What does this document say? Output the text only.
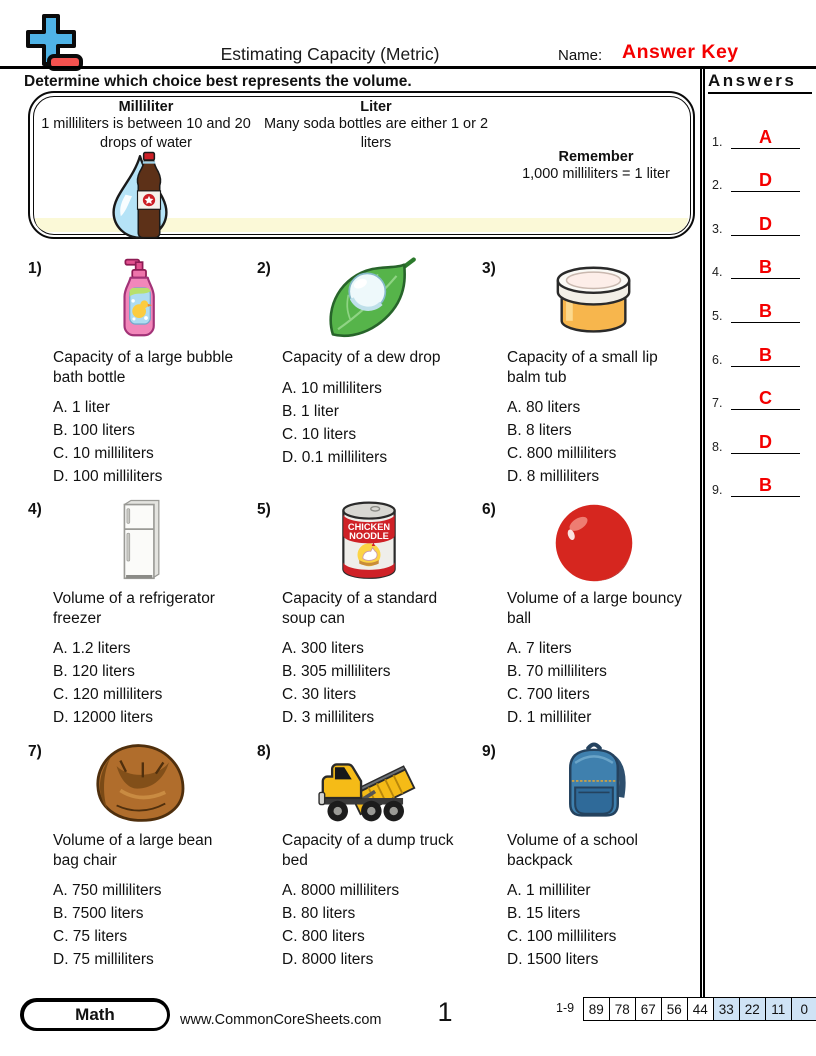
Estimating Capacity (Metric)	Name: Answer Key
Determine which choice best represents the volume.
Milliliter
1 milliliters is between 10 and 20 drops of water
Liter
Many soda bottles are either 1 or 2 liters
Remember
1,000 milliliters = 1 liter
1)
Capacity of a large bubble bath bottle
A. 1 liter
B. 100 liters
C. 10 milliliters
D. 100 milliliters
2)
Capacity of a dew drop
A. 10 milliliters
B. 1 liter
C. 10 liters
D. 0.1 milliliters
3)
Capacity of a small lip balm tub
A. 80 liters
B. 8 liters
C. 800 milliliters
D. 8 milliliters
4)
Volume of a refrigerator freezer
A. 1.2 liters
B. 120 liters
C. 120 milliliters
D. 12000 liters
5)
CHICKEN
NOODLE
Capacity of a standard soup can
A. 300 liters
B. 305 milliliters
C. 30 liters
D. 3 milliliters
6)
Volume of a large bouncy ball
A. 7 liters
B. 70 milliliters
C. 700 liters
D. 1 milliliter
7)
Volume of a large bean bag chair
A. 750 milliliters
B. 7500 liters
C. 75 liters
D. 75 milliliters
8)
Capacity of a dump truck bed
A. 8000 milliliters
B. 80 liters
C. 800 liters
D. 8000 liters
9)
Volume of a school backpack
A. 1 milliliter
B. 15 liters
C. 100 milliliters
D. 1500 liters
Answers
1.	A
2.	D
3.	D
4.	B
5.	B
6.	B
7.	C
8.	D
9.	B
Math	www.CommonCoreSheets.com	1	1-9	89 78 67 56 44 33 22 11	0
